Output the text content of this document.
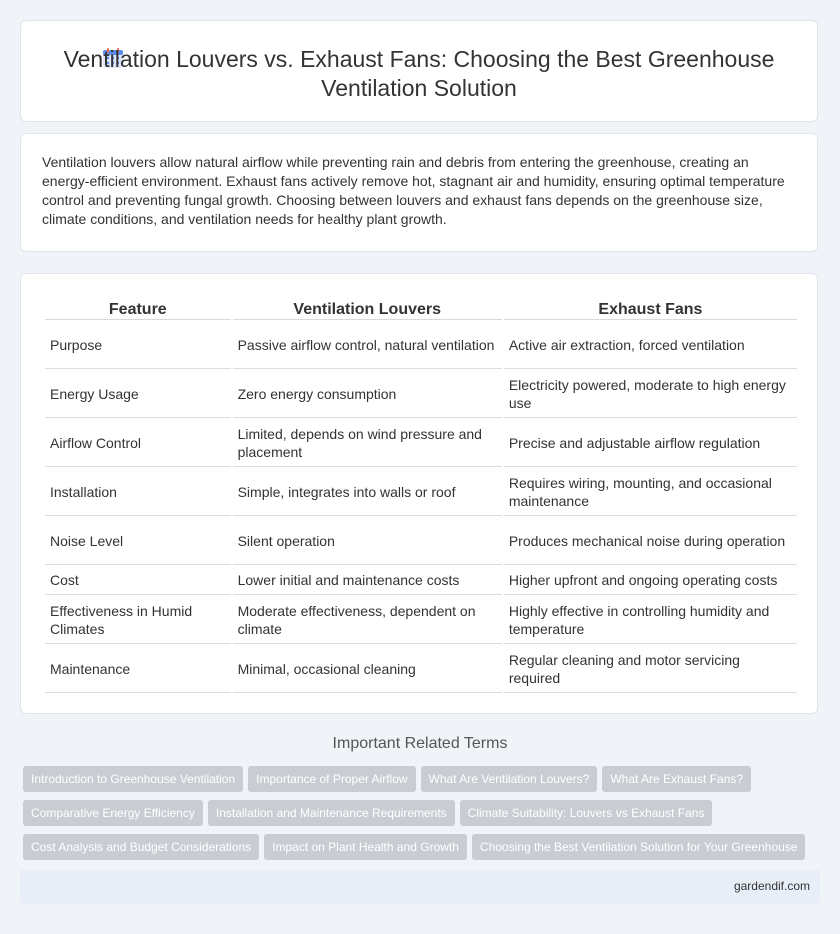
Ventilation Louvers vs. Exhaust Fans: Choosing the Best Greenhouse Ventilation Solution

Ventilation louvers allow natural airflow while preventing rain and debris from entering the greenhouse, creating an energy-efficient environment. Exhaust fans actively remove hot, stagnant air and humidity, ensuring optimal temperature control and preventing fungal growth. Choosing between louvers and exhaust fans depends on the greenhouse size, climate conditions, and ventilation needs for healthy plant growth.

Feature	Ventilation Louvers	Exhaust Fans
Purpose	Passive airflow control, natural ventilation	Active air extraction, forced ventilation
Energy Usage	Zero energy consumption	Electricity powered, moderate to high energy use
Airflow Control	Limited, depends on wind pressure and placement	Precise and adjustable airflow regulation
Installation	Simple, integrates into walls or roof	Requires wiring, mounting, and occasional maintenance
Noise Level	Silent operation	Produces mechanical noise during operation
Cost	Lower initial and maintenance costs	Higher upfront and ongoing operating costs
Effectiveness in Humid Climates	Moderate effectiveness, dependent on climate	Highly effective in controlling humidity and temperature
Maintenance	Minimal, occasional cleaning	Regular cleaning and motor servicing required
Important Related Terms
Introduction to Greenhouse Ventilation Importance of Proper Airflow What Are Ventilation Louvers? What Are Exhaust Fans?
Comparative Energy Efficiency Installation and Maintenance Requirements Climate Suitability: Louvers vs Exhaust Fans
Cost Analysis and Budget Considerations Impact on Plant Health and Growth Choosing the Best Ventilation Solution for Your Greenhouse
gardendif.com
